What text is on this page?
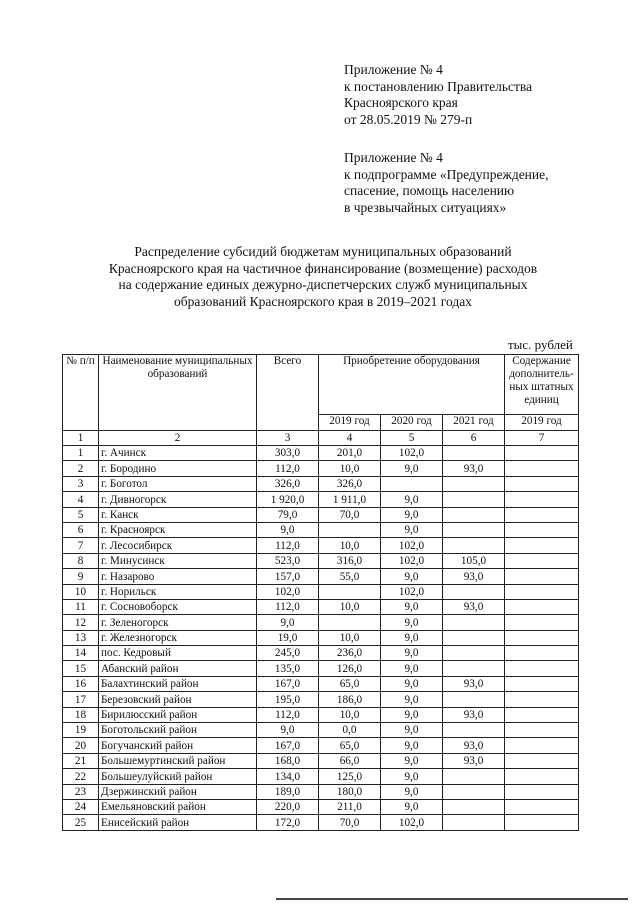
Приложение № 4
к постановлению Правительства
Красноярского края
от 28.05.2019 № 279-п
Приложение № 4
к подпрограмме «Предупреждение,
спасение, помощь населению
в чрезвычайных ситуациях»
Распределение субсидий бюджетам муниципальных образований
Красноярского края на частичное финансирование (возмещение) расходов
на содержание единых дежурно-диспетчерских служб муниципальных
образований Красноярского края в 2019–2021 годах
тыс. рублей
№ п/п	Наименование муниципальных образований	Всего	Приобретение оборудования			Содержание дополнитель-ных штатных единиц
			2019 год	2020 год	2021 год	2019 год
1	2	3	4	5	6	7
1	г. Ачинск	303,0	201,0	102,0		
2	г. Бородино	112,0	10,0	9,0	93,0	
3	г. Боготол	326,0	326,0			
4	г. Дивногорск	1 920,0	1 911,0	9,0		
5	г. Канск	79,0	70,0	9,0		
6	г. Красноярск	9,0		9,0		
7	г. Лесосибирск	112,0	10,0	102,0		
8	г. Минусинск	523,0	316,0	102,0	105,0	
9	г. Назарово	157,0	55,0	9,0	93,0	
10	г. Норильск	102,0		102,0		
11	г. Сосновоборск	112,0	10,0	9,0	93,0	
12	г. Зеленогорск	9,0		9,0		
13	г. Железногорск	19,0	10,0	9,0		
14	пос. Кедровый	245,0	236,0	9,0		
15	Абанский район	135,0	126,0	9,0		
16	Балахтинский район	167,0	65,0	9,0	93,0	
17	Березовский район	195,0	186,0	9,0		
18	Бирилюсский район	112,0	10,0	9,0	93,0	
19	Боготольский район	9,0	0,0	9,0		
20	Богучанский район	167,0	65,0	9,0	93,0	
21	Большемуртинский район	168,0	66,0	9,0	93,0	
22	Большеулуйский район	134,0	125,0	9,0		
23	Дзержинский район	189,0	180,0	9,0		
24	Емельяновский район	220,0	211,0	9,0		
25	Енисейский район	172,0	70,0	102,0		
